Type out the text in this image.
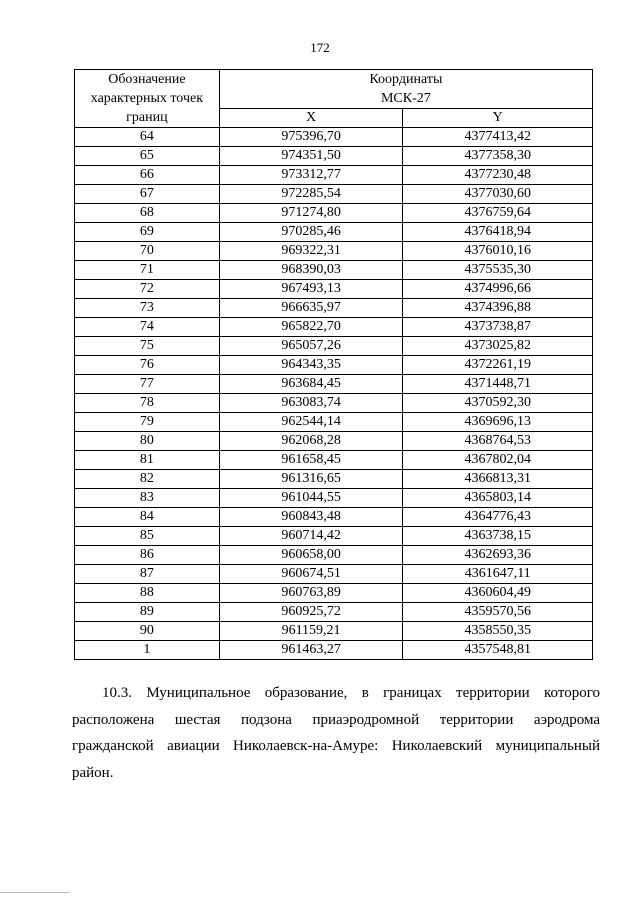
172
Обозначение
характерных точек
границ	Координаты
МСК-27	
	X	Y
64	975396,70	4377413,42
65	974351,50	4377358,30
66	973312,77	4377230,48
67	972285,54	4377030,60
68	971274,80	4376759,64
69	970285,46	4376418,94
70	969322,31	4376010,16
71	968390,03	4375535,30
72	967493,13	4374996,66
73	966635,97	4374396,88
74	965822,70	4373738,87
75	965057,26	4373025,82
76	964343,35	4372261,19
77	963684,45	4371448,71
78	963083,74	4370592,30
79	962544,14	4369696,13
80	962068,28	4368764,53
81	961658,45	4367802,04
82	961316,65	4366813,31
83	961044,55	4365803,14
84	960843,48	4364776,43
85	960714,42	4363738,15
86	960658,00	4362693,36
87	960674,51	4361647,11
88	960763,89	4360604,49
89	960925,72	4359570,56
90	961159,21	4358550,35
1	961463,27	4357548,81
10.3. Муниципальное образование, в границах территории которого расположена шестая подзона приаэродромной территории аэродрома гражданской авиации Николаевск-на-Амуре: Николаевский муниципальный район.
